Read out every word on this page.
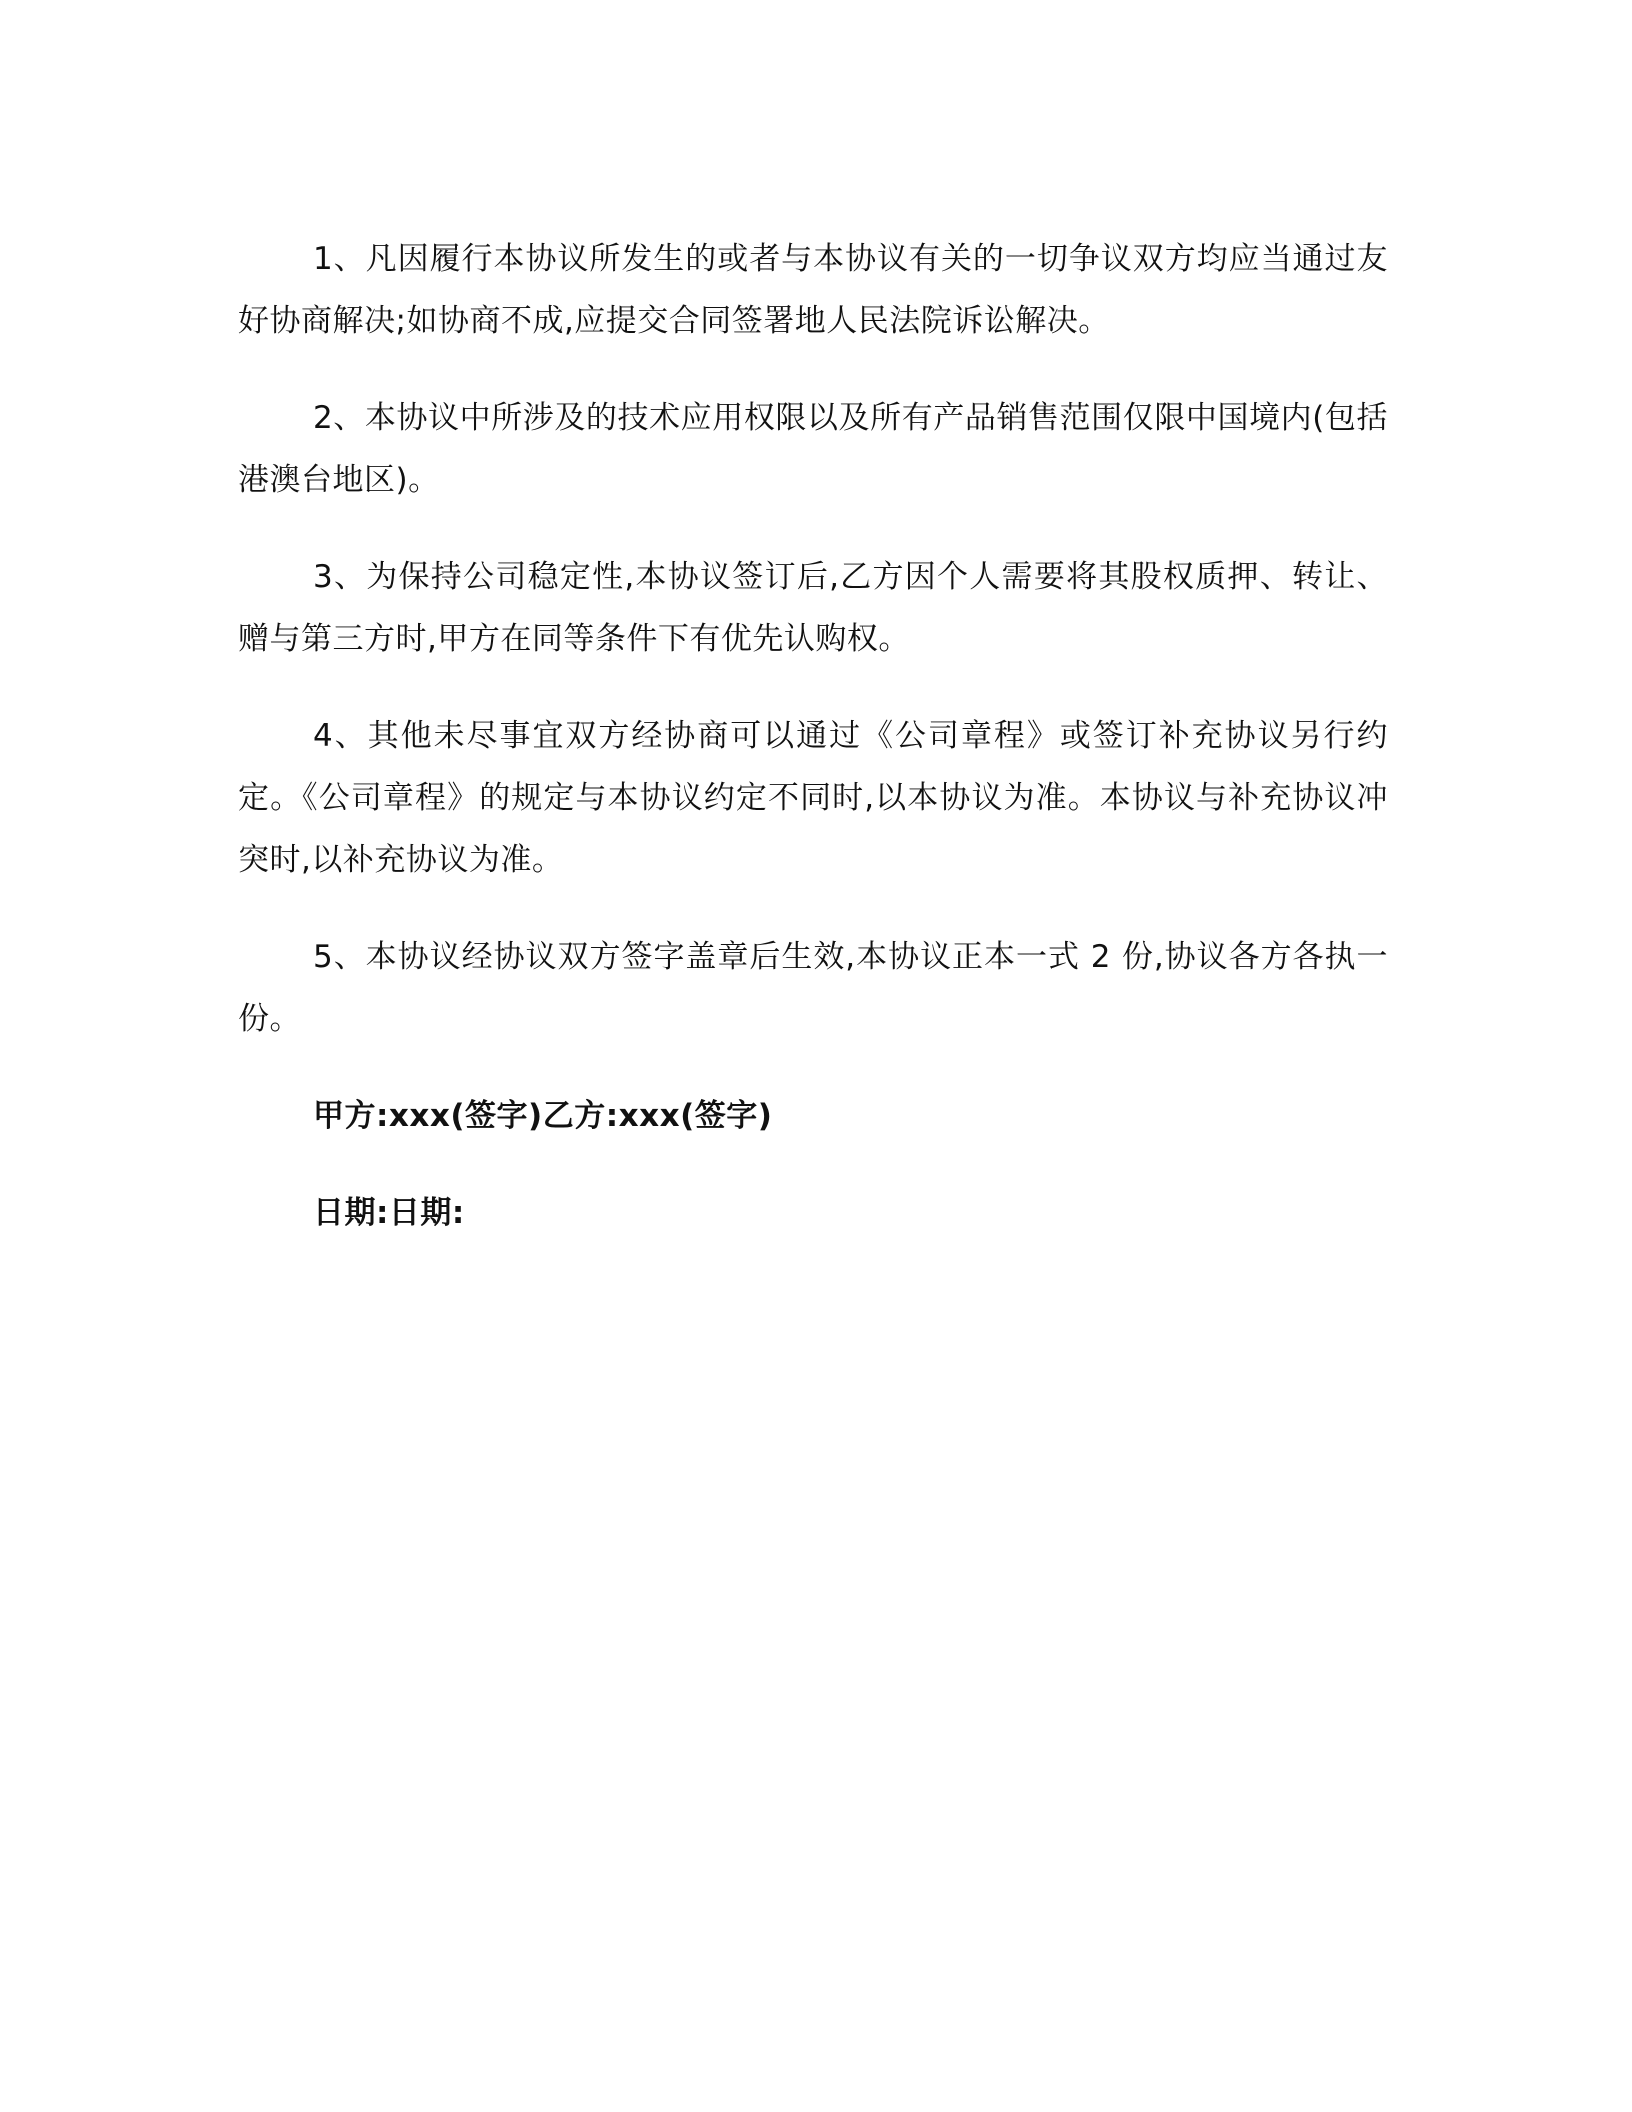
1、凡因履行本协议所发生的或者与本协议有关的一切争议双方均应当通过友好协商解决;如协商不成,应提交合同签署地人民法院诉讼解决。

2、本协议中所涉及的技术应用权限以及所有产品销售范围仅限中国境内(包括港澳台地区)。

3、为保持公司稳定性,本协议签订后,乙方因个人需要将其股权质押、转让、赠与第三方时,甲方在同等条件下有优先认购权。

4、其他未尽事宜双方经协商可以通过《公司章程》或签订补充协议另行约定。《公司章程》的规定与本协议约定不同时,以本协议为准。本协议与补充协议冲突时,以补充协议为准。

5、本协议经协议双方签字盖章后生效,本协议正本一式 2 份,协议各方各执一份。

甲方:xxx(签字)乙方:xxx(签字)

日期:日期:
